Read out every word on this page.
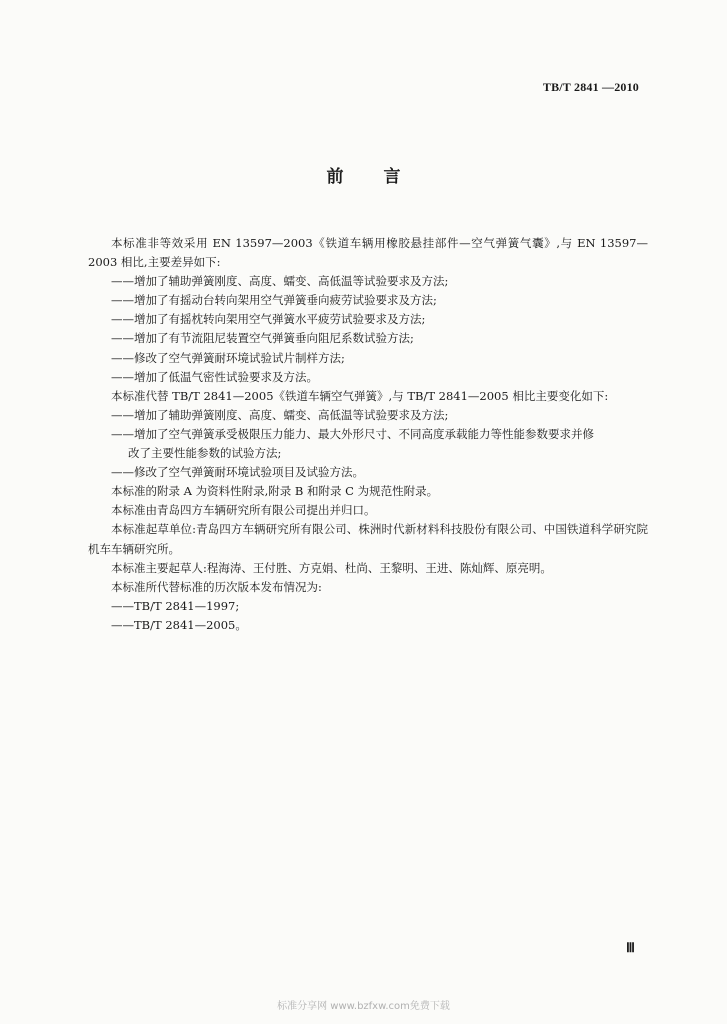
TB/T 2841 —2010
前 言

本标准非等效采用 EN 13597—2003《铁道车辆用橡胶悬挂部件—空气弹簧气囊》,与 EN 13597—2003 相比,主要差异如下:

——增加了辅助弹簧刚度、高度、蠕变、高低温等试验要求及方法;

——增加了有摇动台转向架用空气弹簧垂向疲劳试验要求及方法;

——增加了有摇枕转向架用空气弹簧水平疲劳试验要求及方法;

——增加了有节流阻尼装置空气弹簧垂向阻尼系数试验方法;

——修改了空气弹簧耐环境试验试片制样方法;

——增加了低温气密性试验要求及方法。

本标准代替 TB/T 2841—2005《铁道车辆空气弹簧》,与 TB/T 2841—2005 相比主要变化如下:

——增加了辅助弹簧刚度、高度、蠕变、高低温等试验要求及方法;

——增加了空气弹簧承受极限压力能力、最大外形尺寸、不同高度承载能力等性能参数要求并修

改了主要性能参数的试验方法;

——修改了空气弹簧耐环境试验项目及试验方法。

本标准的附录 A 为资料性附录,附录 B 和附录 C 为规范性附录。

本标准由青岛四方车辆研究所有限公司提出并归口。

本标准起草单位:青岛四方车辆研究所有限公司、株洲时代新材料科技股份有限公司、中国铁道科学研究院机车车辆研究所。

本标准主要起草人:程海涛、王付胜、方克娟、杜尚、王黎明、王进、陈灿辉、原亮明。

本标准所代替标准的历次版本发布情况为:

——TB/T 2841—1997;

——TB/T 2841—2005。

Ⅲ
标准分享网 www.bzfxw.com免费下载
